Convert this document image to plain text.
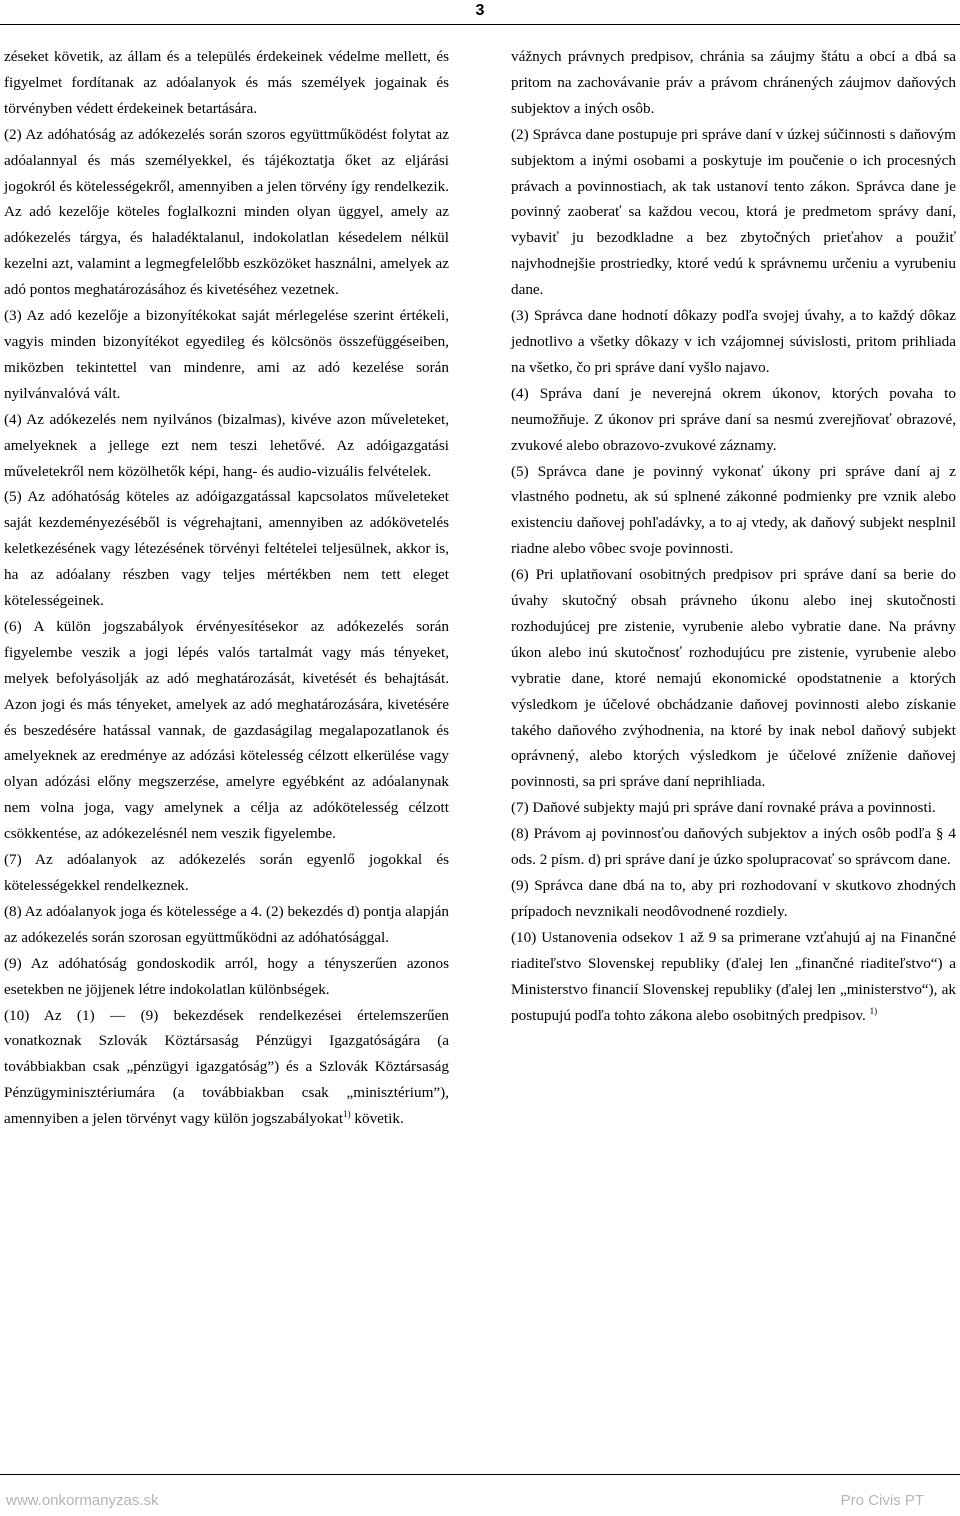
3

zéseket követik, az állam és a település érdekeinek védelme mellett, és figyelmet fordítanak az adóalanyok és más személyek jogainak és törvényben védett érdekeinek betartására.

(2) Az adóhatóság az adókezelés során szoros együttműködést folytat az adóalannyal és más személyekkel, és tájékoztatja őket az eljárási jogokról és kötelességekről, amennyiben a jelen törvény így rendelkezik. Az adó kezelője köteles foglalkozni minden olyan üggyel, amely az adókezelés tárgya, és haladéktalanul, indokolatlan késedelem nélkül kezelni azt, valamint a legmegfelelőbb eszközöket használni, amelyek az adó pontos meghatározásához és kivetéséhez vezetnek.

(3) Az adó kezelője a bizonyítékokat saját mérlegelése szerint értékeli, vagyis minden bizonyítékot egyedileg és kölcsönös összefüggéseiben, miközben tekintettel van mindenre, ami az adó kezelése során nyilvánvalóvá vált.

(4) Az adókezelés nem nyilvános (bizalmas), kivéve azon műveleteket, amelyeknek a jellege ezt nem teszi lehetővé. Az adóigazgatási műveletekről nem közölhetők képi, hang- és audio-vizuális felvételek.

(5) Az adóhatóság köteles az adóigazgatással kapcsolatos műveleteket saját kezdeményezéséből is végrehajtani, amennyiben az adókövetelés keletkezésének vagy létezésének törvényi feltételei teljesülnek, akkor is, ha az adóalany részben vagy teljes mértékben nem tett eleget kötelességeinek.

(6) A külön jogszabályok érvényesítésekor az adókezelés során figyelembe veszik a jogi lépés valós tartalmát vagy más tényeket, melyek befolyásolják az adó meghatározását, kivetését és behajtását. Azon jogi és más tényeket, amelyek az adó meghatározására, kivetésére és beszedésére hatással vannak, de gazdaságilag megalapozatlanok és amelyeknek az eredménye az adózási kötelesség célzott elkerülése vagy olyan adózási előny megszerzése, amelyre egyébként az adóalanynak nem volna joga, vagy amelynek a célja az adókötelesség célzott csökkentése, az adókezelésnél nem veszik figyelembe.

(7) Az adóalanyok az adókezelés során egyenlő jogokkal és kötelességekkel rendelkeznek.

(8) Az adóalanyok joga és kötelessége a 4. (2) bekezdés d) pontja alapján az adókezelés során szorosan együttműködni az adóhatósággal.

(9) Az adóhatóság gondoskodik arról, hogy a tényszerűen azonos esetekben ne jöjjenek létre indokolatlan különbségek.

(10) Az (1) — (9) bekezdések rendelkezései értelemszerűen vonatkoznak Szlovák Köztársaság Pénzügyi Igazgatóságára (a továbbiakban csak „pénzügyi igazgatóság”) és a Szlovák Köztársaság Pénzügyminisztériumára (a továbbiakban csak „minisztérium”), amennyiben a jelen törvényt vagy külön jogszabályokat$^{1)}$ követik.

vážnych právnych predpisov, chránia sa záujmy štátu a obcí a dbá sa pritom na zachovávanie práv a právom chránených záujmov daňových subjektov a iných osôb.

(2) Správca dane postupuje pri správe daní v úzkej súčinnosti s daňovým subjektom a inými osobami a poskytuje im poučenie o ich procesných právach a povinnostiach, ak tak ustanoví tento zákon. Správca dane je povinný zaoberať sa každou vecou, ktorá je predmetom správy daní, vybaviť ju bezodkladne a bez zbytočných prieťahov a použiť najvhodnejšie prostriedky, ktoré vedú k správnemu určeniu a vyrubeniu dane.

(3) Správca dane hodnotí dôkazy podľa svojej úvahy, a to každý dôkaz jednotlivo a všetky dôkazy v ich vzájomnej súvislosti, pritom prihliada na všetko, čo pri správe daní vyšlo najavo.

(4) Správa daní je neverejná okrem úkonov, ktorých povaha to neumožňuje. Z úkonov pri správe daní sa nesmú zverejňovať obrazové, zvukové alebo obrazovo-zvukové záznamy.

(5) Správca dane je povinný vykonať úkony pri správe daní aj z vlastného podnetu, ak sú splnené zákonné podmienky pre vznik alebo existenciu daňovej pohľadávky, a to aj vtedy, ak daňový subjekt nesplnil riadne alebo vôbec svoje povinnosti.

(6) Pri uplatňovaní osobitných predpisov pri správe daní sa berie do úvahy skutočný obsah právneho úkonu alebo inej skutočnosti rozhodujúcej pre zistenie, vyrubenie alebo vybratie dane. Na právny úkon alebo inú skutočnosť rozhodujúcu pre zistenie, vyrubenie alebo vybratie dane, ktoré nemajú ekonomické opodstatnenie a ktorých výsledkom je účelové obchádzanie daňovej povinnosti alebo získanie takého daňového zvýhodnenia, na ktoré by inak nebol daňový subjekt oprávnený, alebo ktorých výsledkom je účelové zníženie daňovej povinnosti, sa pri správe daní neprihliada.

(7) Daňové subjekty majú pri správe daní rovnaké práva a povinnosti.

(8) Právom aj povinnosťou daňových subjektov a iných osôb podľa § 4 ods. 2 písm. d) pri správe daní je úzko spolupracovať so správcom dane.

(9) Správca dane dbá na to, aby pri rozhodovaní v skutkovo zhodných prípadoch nevznikali neodôvodnené rozdiely.

(10) Ustanovenia odsekov 1 až 9 sa primerane vzťahujú aj na Finančné riaditeľstvo Slovenskej republiky (ďalej len „finančné riaditeľstvo“) a Ministerstvo financií Slovenskej republiky (ďalej len „ministerstvo“), ak postupujú podľa tohto zákona alebo osobitných predpisov. $^{1)}$

www.onkormanyzas.sk	Pro Civis PT
